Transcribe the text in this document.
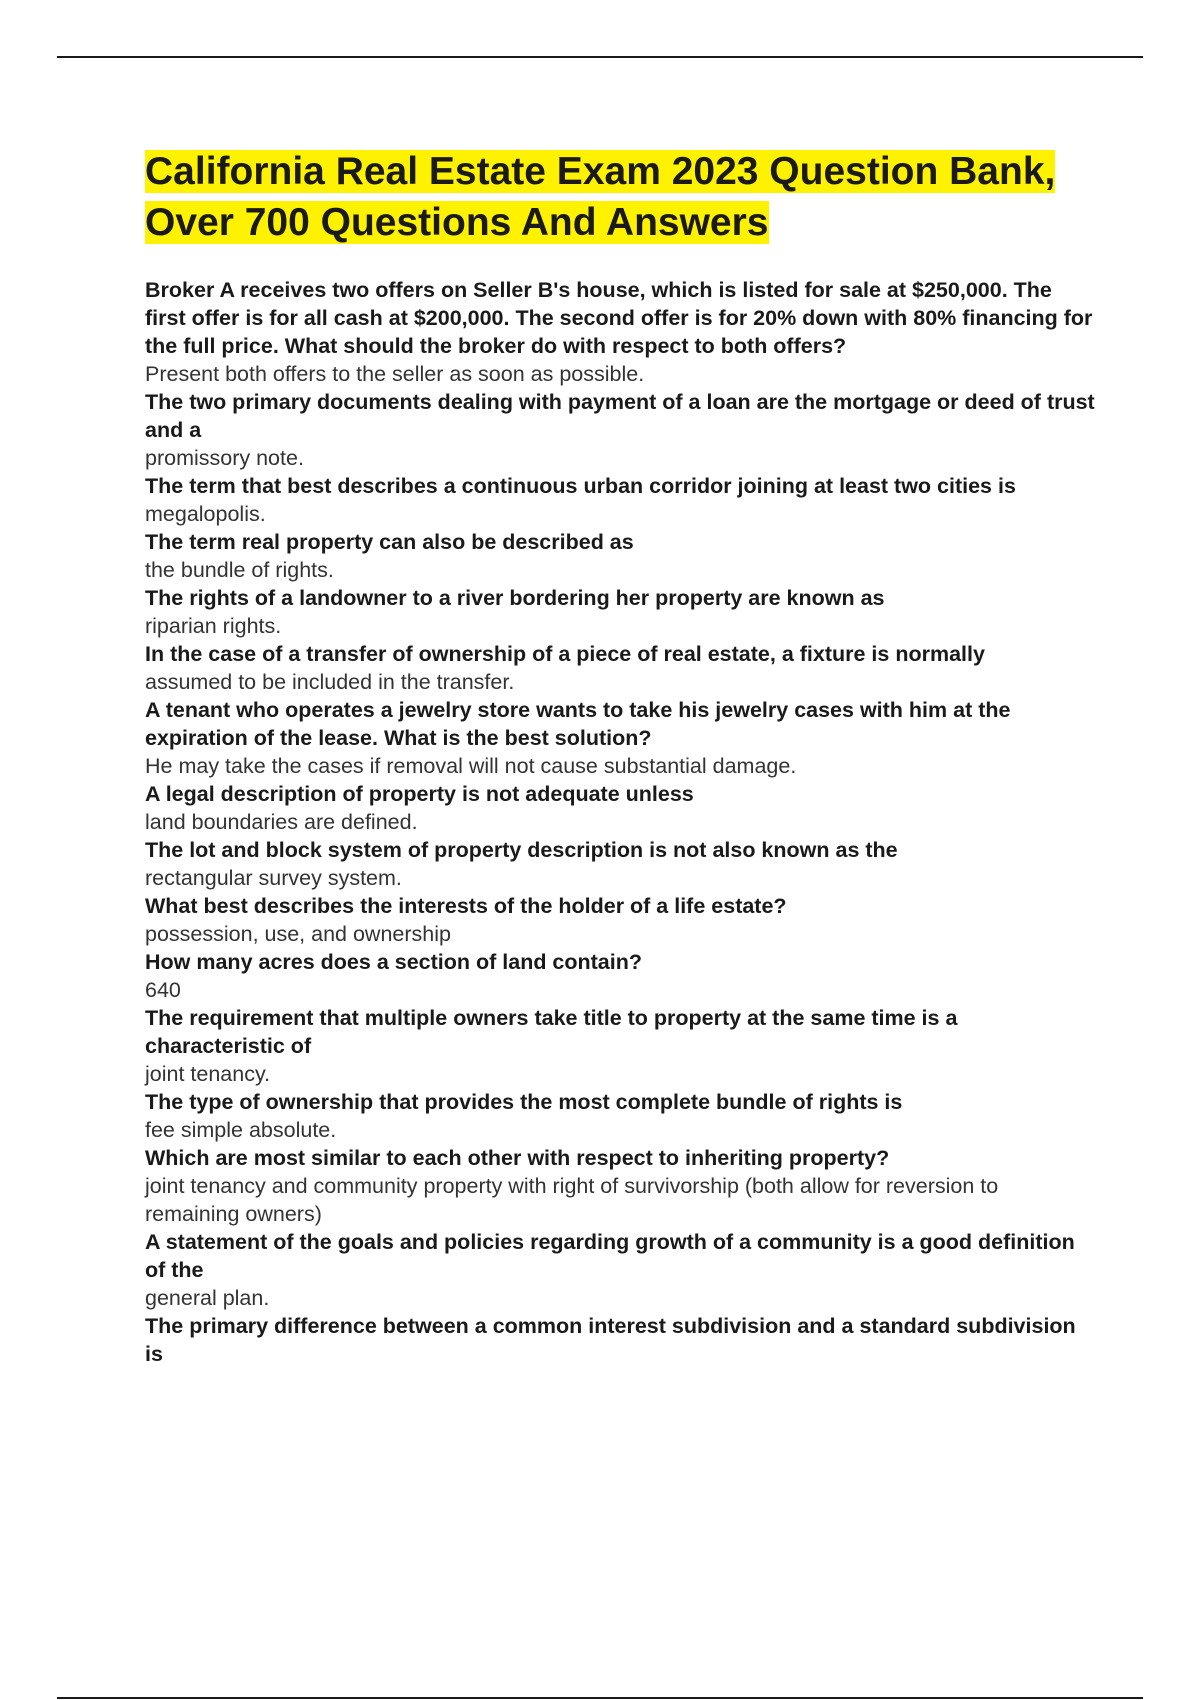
California Real Estate Exam 2023 Question Bank, Over 700 Questions And Answers
Broker A receives two offers on Seller B's house, which is listed for sale at $250,000. The first offer is for all cash at $200,000. The second offer is for 20% down with 80% financing for the full price. What should the broker do with respect to both offers?
Present both offers to the seller as soon as possible.
The two primary documents dealing with payment of a loan are the mortgage or deed of trust and a
promissory note.
The term that best describes a continuous urban corridor joining at least two cities is
megalopolis.
The term real property can also be described as
the bundle of rights.
The rights of a landowner to a river bordering her property are known as
riparian rights.
In the case of a transfer of ownership of a piece of real estate, a fixture is normally
assumed to be included in the transfer.
A tenant who operates a jewelry store wants to take his jewelry cases with him at the expiration of the lease. What is the best solution?
He may take the cases if removal will not cause substantial damage.
A legal description of property is not adequate unless
land boundaries are defined.
The lot and block system of property description is not also known as the
rectangular survey system.
What best describes the interests of the holder of a life estate?
possession, use, and ownership
How many acres does a section of land contain?
640
The requirement that multiple owners take title to property at the same time is a characteristic of
joint tenancy.
The type of ownership that provides the most complete bundle of rights is
fee simple absolute.
Which are most similar to each other with respect to inheriting property?
joint tenancy and community property with right of survivorship (both allow for reversion to remaining owners)
A statement of the goals and policies regarding growth of a community is a good definition of the
general plan.
The primary difference between a common interest subdivision and a standard subdivision is
